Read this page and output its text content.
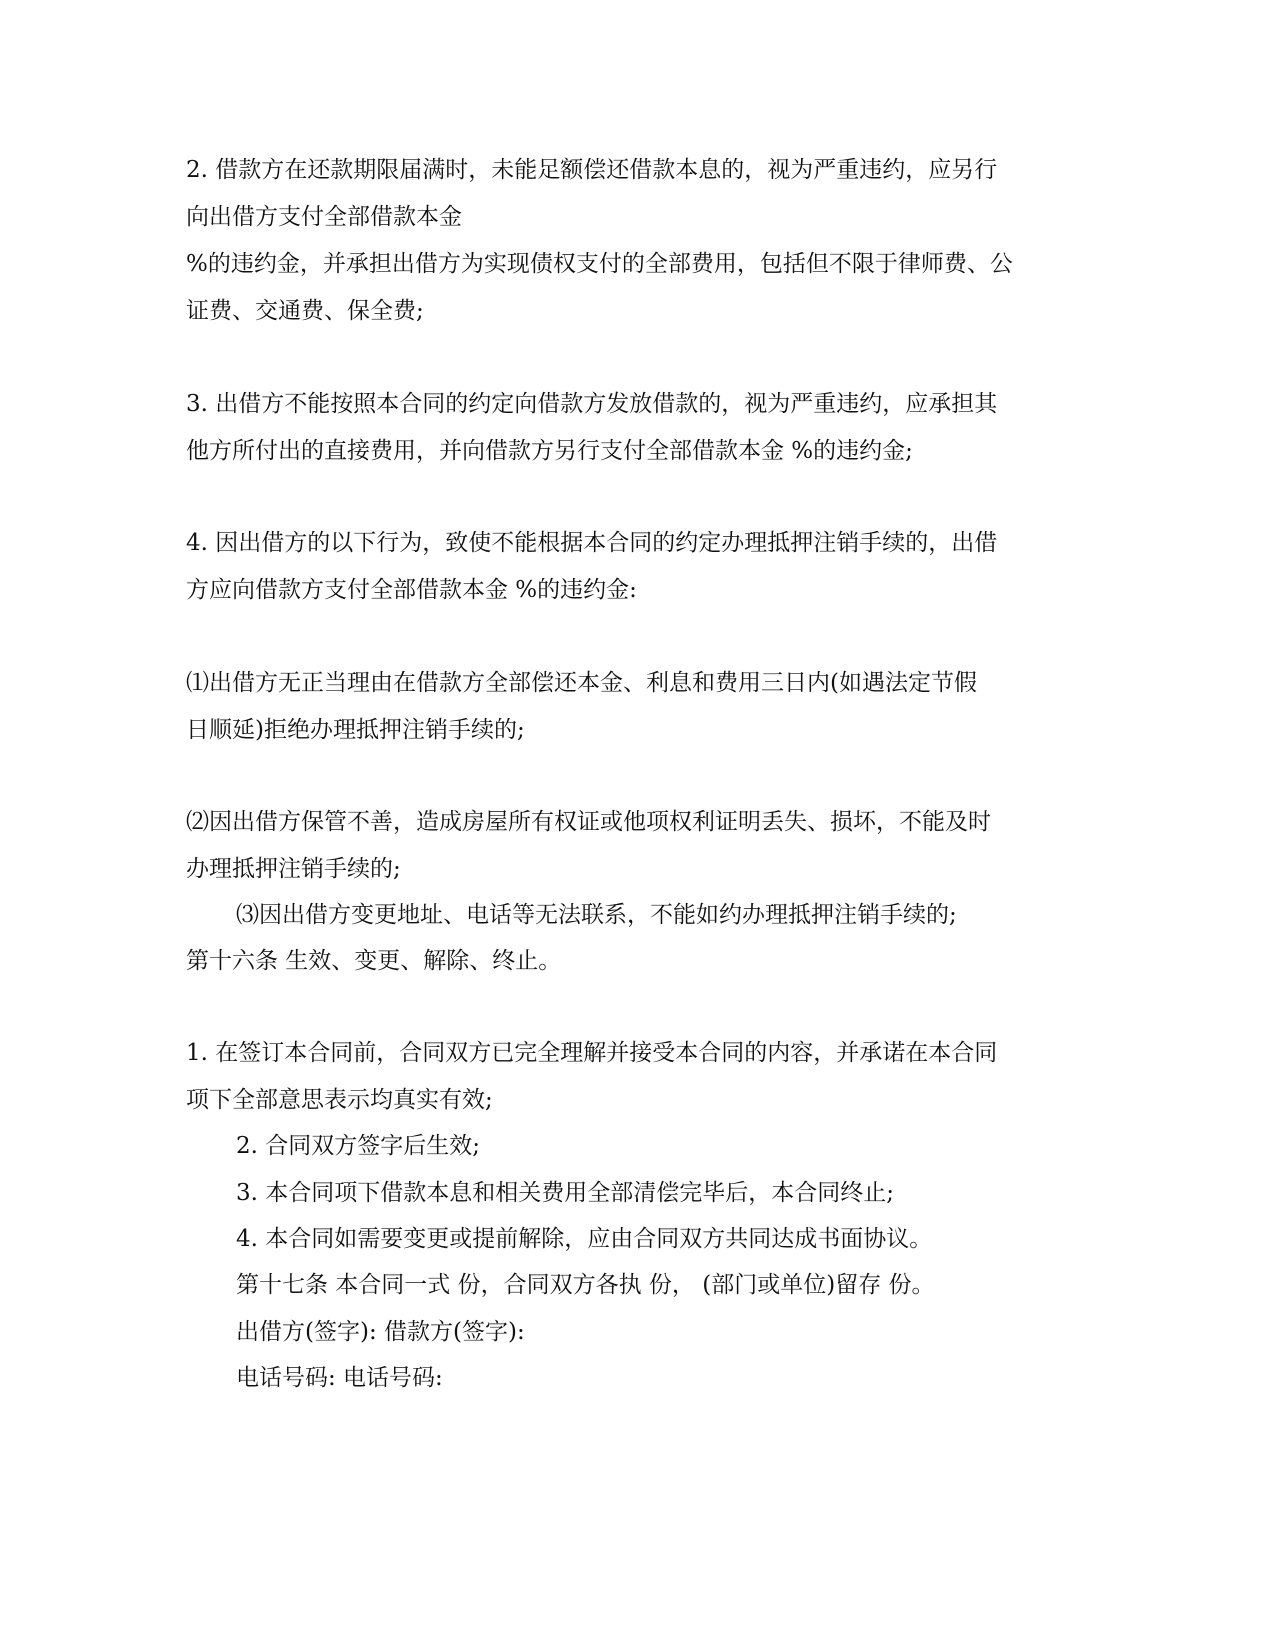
2. 借款方在还款期限届满时，未能足额偿还借款本息的，视为严重违约，应另行
向出借方支付全部借款本金
%的违约金，并承担出借方为实现债权支付的全部费用，包括但不限于律师费、公
证费、交通费、保全费;
3. 出借方不能按照本合同的约定向借款方发放借款的，视为严重违约，应承担其
他方所付出的直接费用，并向借款方另行支付全部借款本金 %的违约金;
4. 因出借方的以下行为，致使不能根据本合同的约定办理抵押注销手续的，出借
方应向借款方支付全部借款本金 %的违约金:
⑴出借方无正当理由在借款方全部偿还本金、利息和费用三日内(如遇法定节假
日顺延)拒绝办理抵押注销手续的;
⑵因出借方保管不善，造成房屋所有权证或他项权利证明丢失、损坏，不能及时
办理抵押注销手续的;
⑶因出借方变更地址、电话等无法联系，不能如约办理抵押注销手续的;
第十六条 生效、变更、解除、终止。
1. 在签订本合同前，合同双方已完全理解并接受本合同的内容，并承诺在本合同
项下全部意思表示均真实有效;
2. 合同双方签字后生效;
3. 本合同项下借款本息和相关费用全部清偿完毕后，本合同终止;
4. 本合同如需要变更或提前解除，应由合同双方共同达成书面协议。
第十七条 本合同一式 份，合同双方各执 份， (部门或单位)留存 份。
出借方(签字): 借款方(签字):
电话号码: 电话号码:
